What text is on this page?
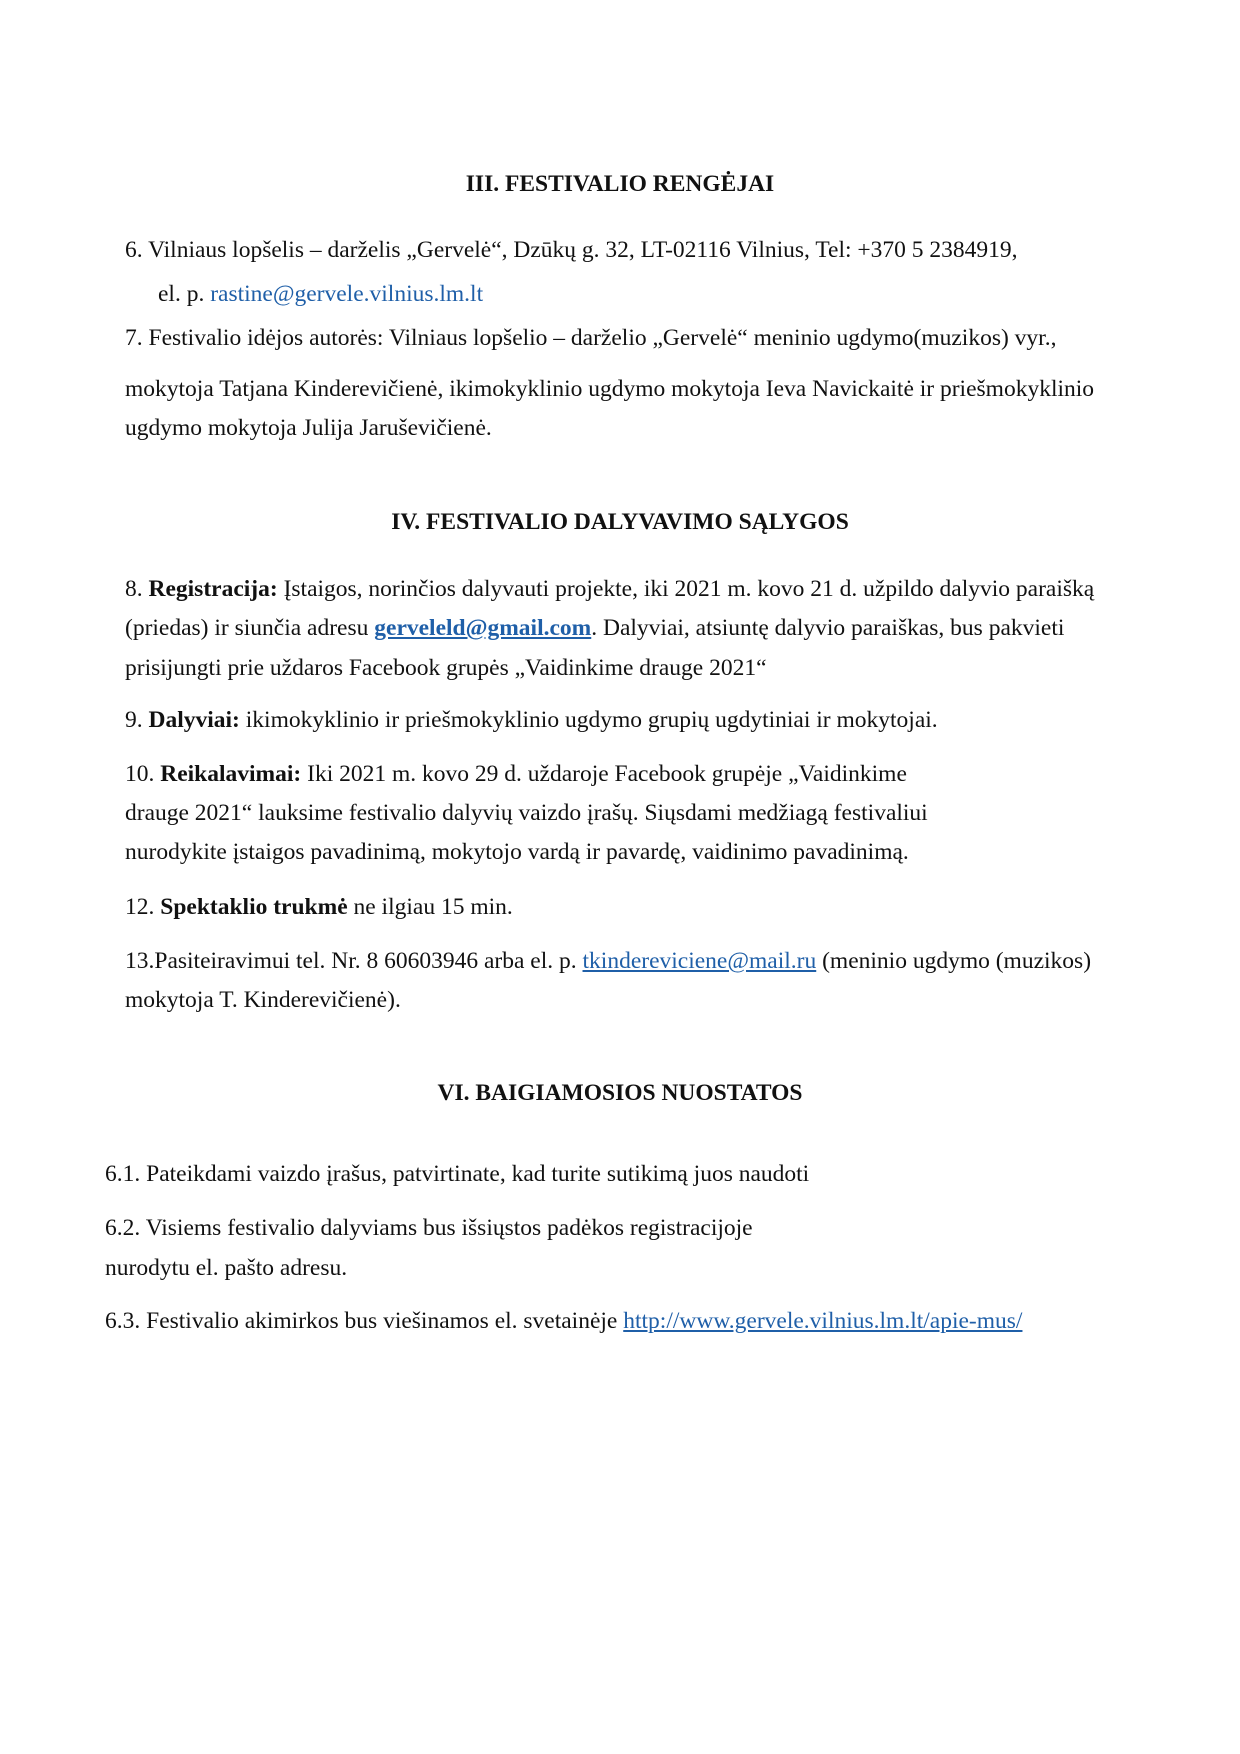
III. FESTIVALIO RENGĖJAI
6. Vilniaus lopšelis – darželis „Gervelė“, Dzūkų g. 32, LT-02116 Vilnius, Tel: +370 5 2384919,
el. p. rastine@gervele.vilnius.lm.lt
7. Festivalio idėjos autorės: Vilniaus lopšelio – darželio „Gervelė“ meninio ugdymo(muzikos) vyr.,
mokytoja Tatjana Kinderevičienė, ikimokyklinio ugdymo mokytoja Ieva Navickaitė ir priešmokyklinio
ugdymo mokytoja Julija Jaruševičienė.
IV. FESTIVALIO DALYVAVIMO SĄLYGOS
8. Registracija: Įstaigos, norinčios dalyvauti projekte, iki 2021 m. kovo 21 d. užpildo dalyvio paraišką
(priedas) ir siunčia adresu gerveleld@gmail.com. Dalyviai, atsiuntę dalyvio paraiškas, bus pakvieti
prisijungti prie uždaros Facebook grupės „Vaidinkime drauge 2021“
9. Dalyviai: ikimokyklinio ir priešmokyklinio ugdymo grupių ugdytiniai ir mokytojai.
10. Reikalavimai: Iki 2021 m. kovo 29 d. uždaroje Facebook grupėje „Vaidinkime
drauge 2021“ lauksime festivalio dalyvių vaizdo įrašų. Siųsdami medžiagą festivaliui
nurodykite įstaigos pavadinimą, mokytojo vardą ir pavardę, vaidinimo pavadinimą.
12. Spektaklio trukmė ne ilgiau 15 min.
13.Pasiteiravimui tel. Nr. 8 60603946 arba el. p. tkindereviciene@mail.ru (meninio ugdymo (muzikos)
mokytoja T. Kinderevičienė).
VI. BAIGIAMOSIOS NUOSTATOS
6.1. Pateikdami vaizdo įrašus, patvirtinate, kad turite sutikimą juos naudoti
6.2. Visiems festivalio dalyviams bus išsiųstos padėkos registracijoje
nurodytu el. pašto adresu.
6.3. Festivalio akimirkos bus viešinamos el. svetainėje http://www.gervele.vilnius.lm.lt/apie-mus/
